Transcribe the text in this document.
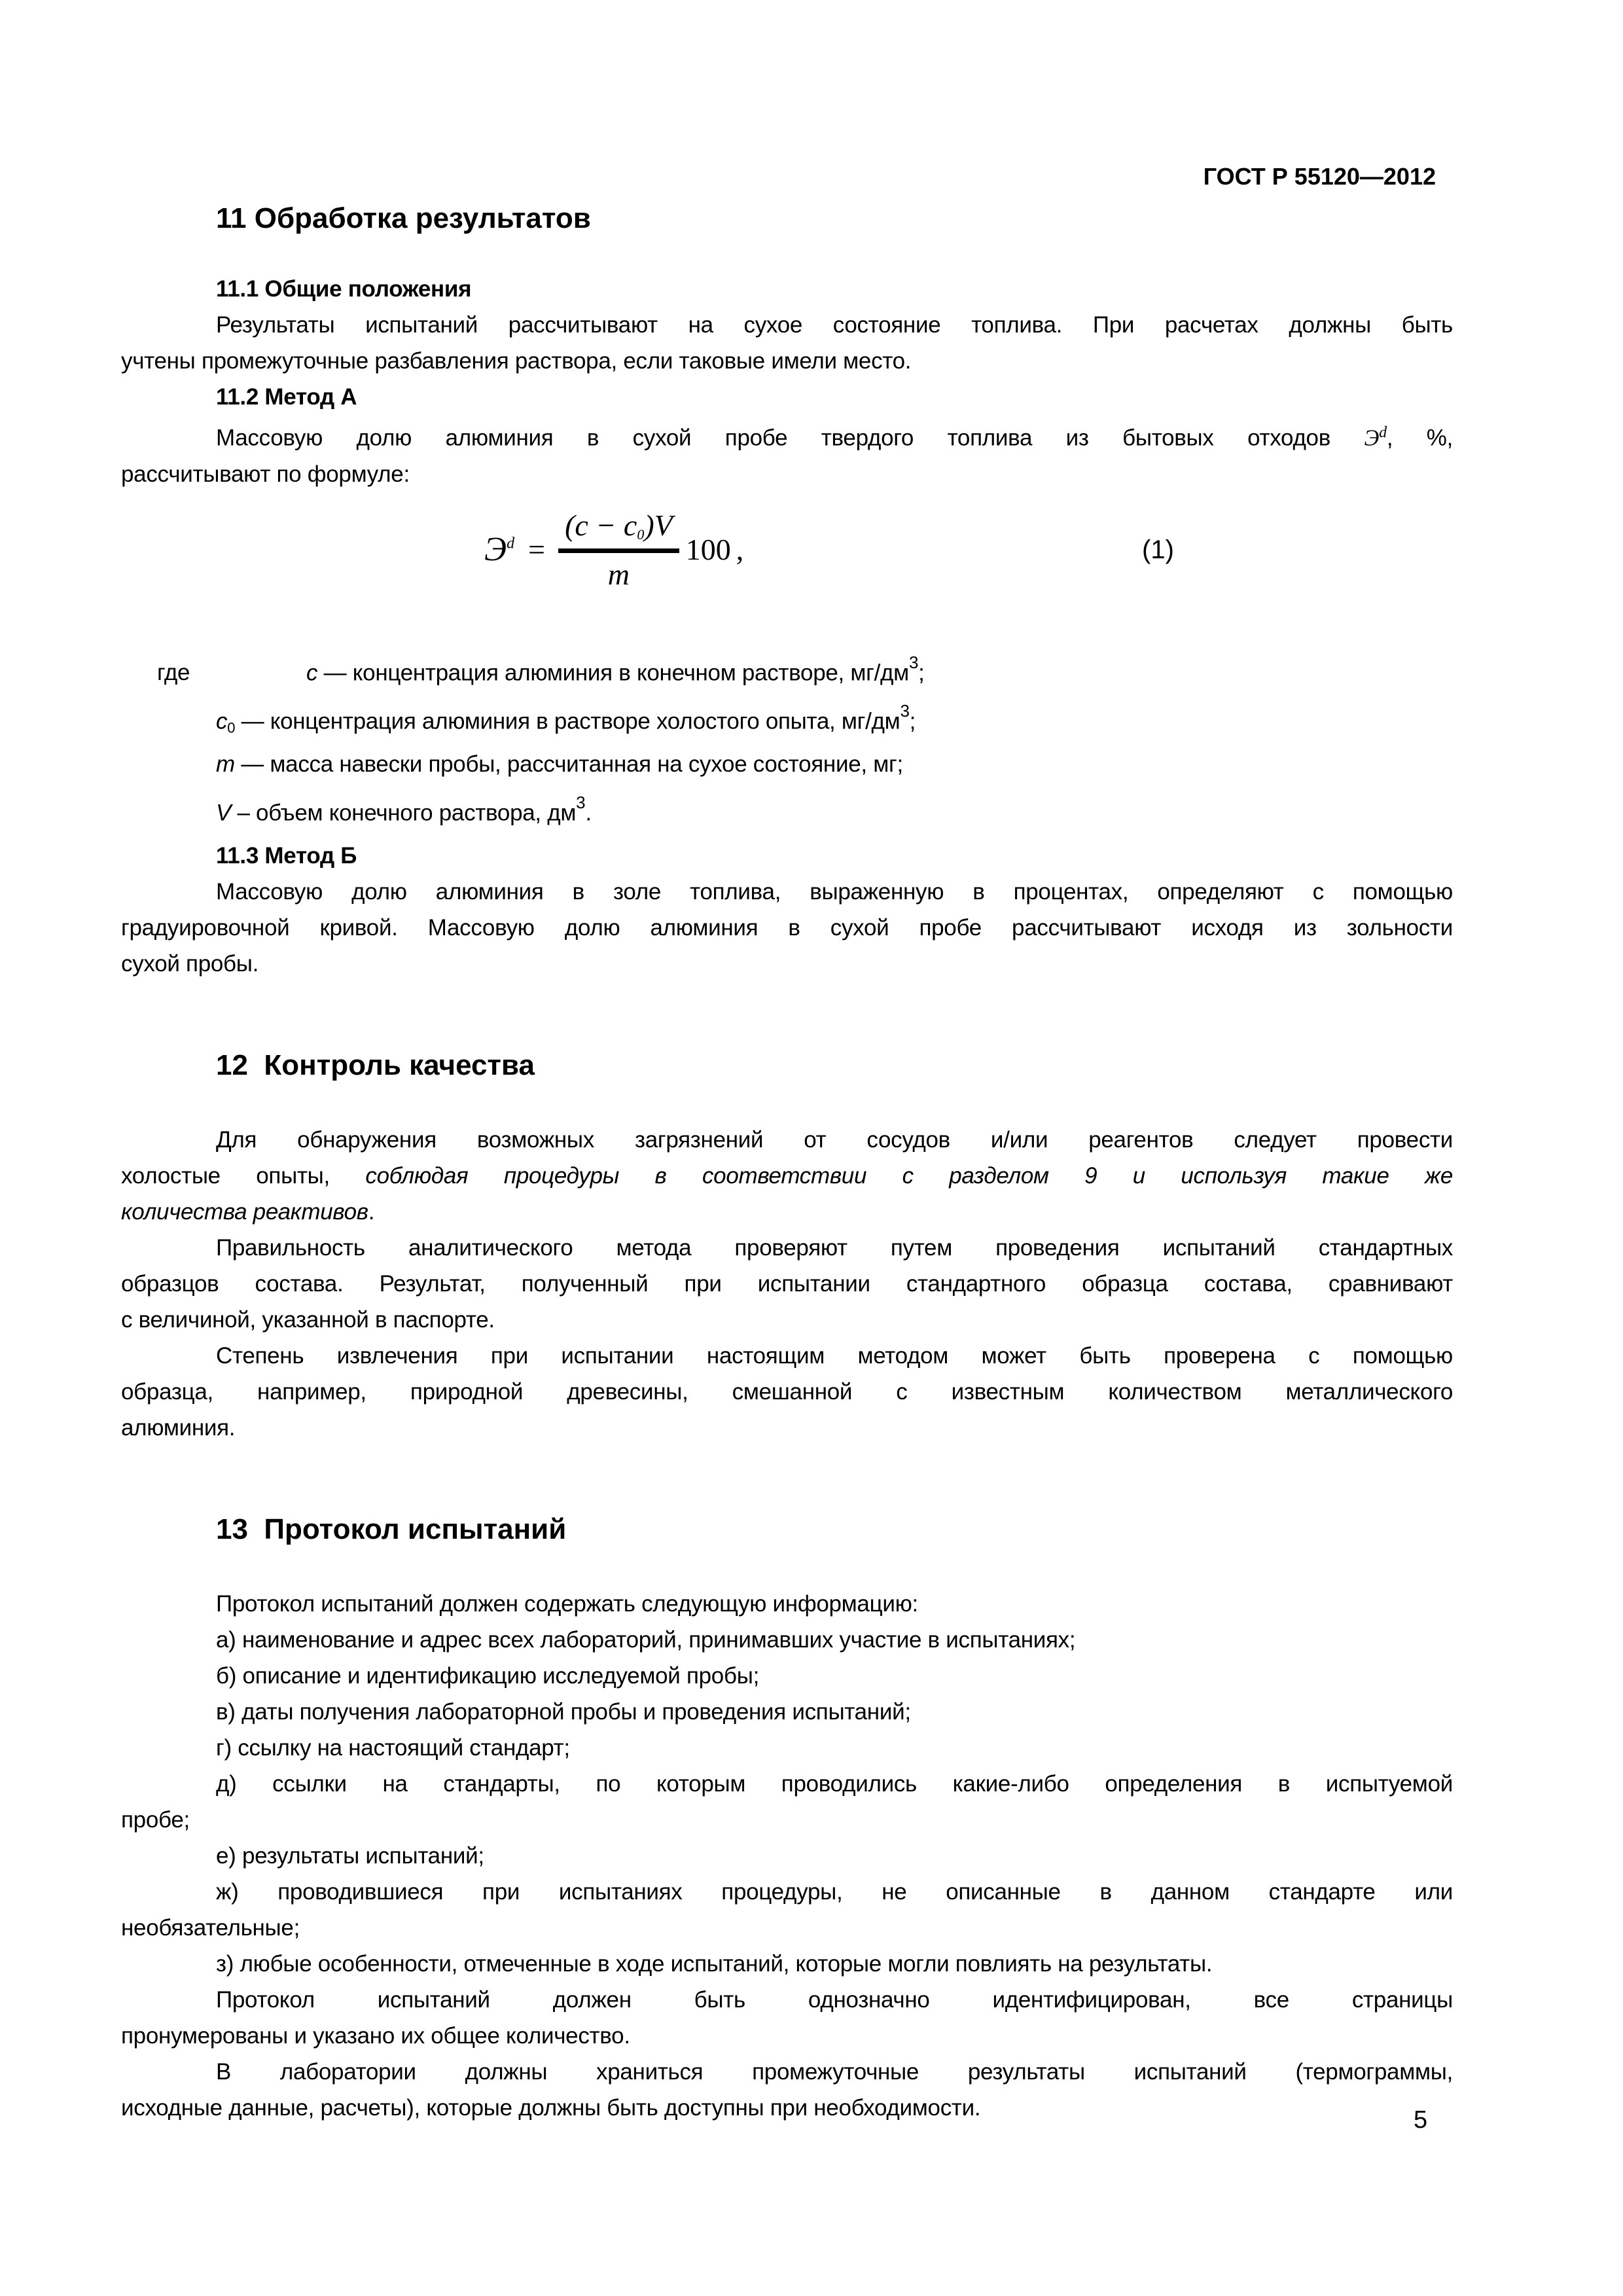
ГОСТ Р 55120—2012

11 Обработка результатов

11.1 Общие положения

Результаты испытаний рассчитывают на сухое состояние топлива. При расчетах должны быть
учтены промежуточные разбавления раствора, если таковые имели место.

11.2 Метод А

Массовую долю алюминия в сухой пробе твердого топлива из бытовых отходов $Э^d$, %,
рассчитывают по формуле:

$Э^d = \frac{(c - c0)V}{m} 100$ ,	(1)
где	c — концентрация алюминия в конечном растворе, $мг/дм^3$;
c0 — концентрация алюминия в растворе холостого опыта, $мг/дм^3$;
m — масса навески пробы, рассчитанная на сухое состояние, мг;
V – объем конечного раствора, $дм^3$.

11.3 Метод Б

Массовую долю алюминия в золе топлива, выраженную в процентах, определяют с помощью
градуировочной кривой. Массовую долю алюминия в сухой пробе рассчитывают исходя из зольности
сухой пробы.

12  Контроль качества

Для обнаружения возможных загрязнений от сосудов и/или реагентов следует провести
холостые опыты, соблюдая процедуры в соответствии с разделом 9 и используя такие же
количества реактивов.

Правильность аналитического метода проверяют путем проведения испытаний стандартных
образцов состава. Результат, полученный при испытании стандартного образца состава, сравнивают
с величиной, указанной в паспорте.

Степень извлечения при испытании настоящим методом может быть проверена с помощью
образца, например, природной древесины, смешанной с известным количеством металлического
алюминия.

13  Протокол испытаний

Протокол испытаний должен содержать следующую информацию:

а) наименование и адрес всех лабораторий, принимавших участие в испытаниях;

б) описание и идентификацию исследуемой пробы;

в) даты получения лабораторной пробы и проведения испытаний;

г) ссылку на настоящий стандарт;

д) ссылки на стандарты, по которым проводились какие-либо определения в испытуемой
пробе;

е) результаты испытаний;

ж) проводившиеся при испытаниях процедуры, не описанные в данном стандарте или
необязательные;

з) любые особенности, отмеченные в ходе испытаний, которые могли повлиять на результаты.

Протокол испытаний должен быть однозначно идентифицирован, все страницы
пронумерованы и указано их общее количество.

В лаборатории должны храниться промежуточные результаты испытаний (термограммы,
исходные данные, расчеты), которые должны быть доступны при необходимости.	5
